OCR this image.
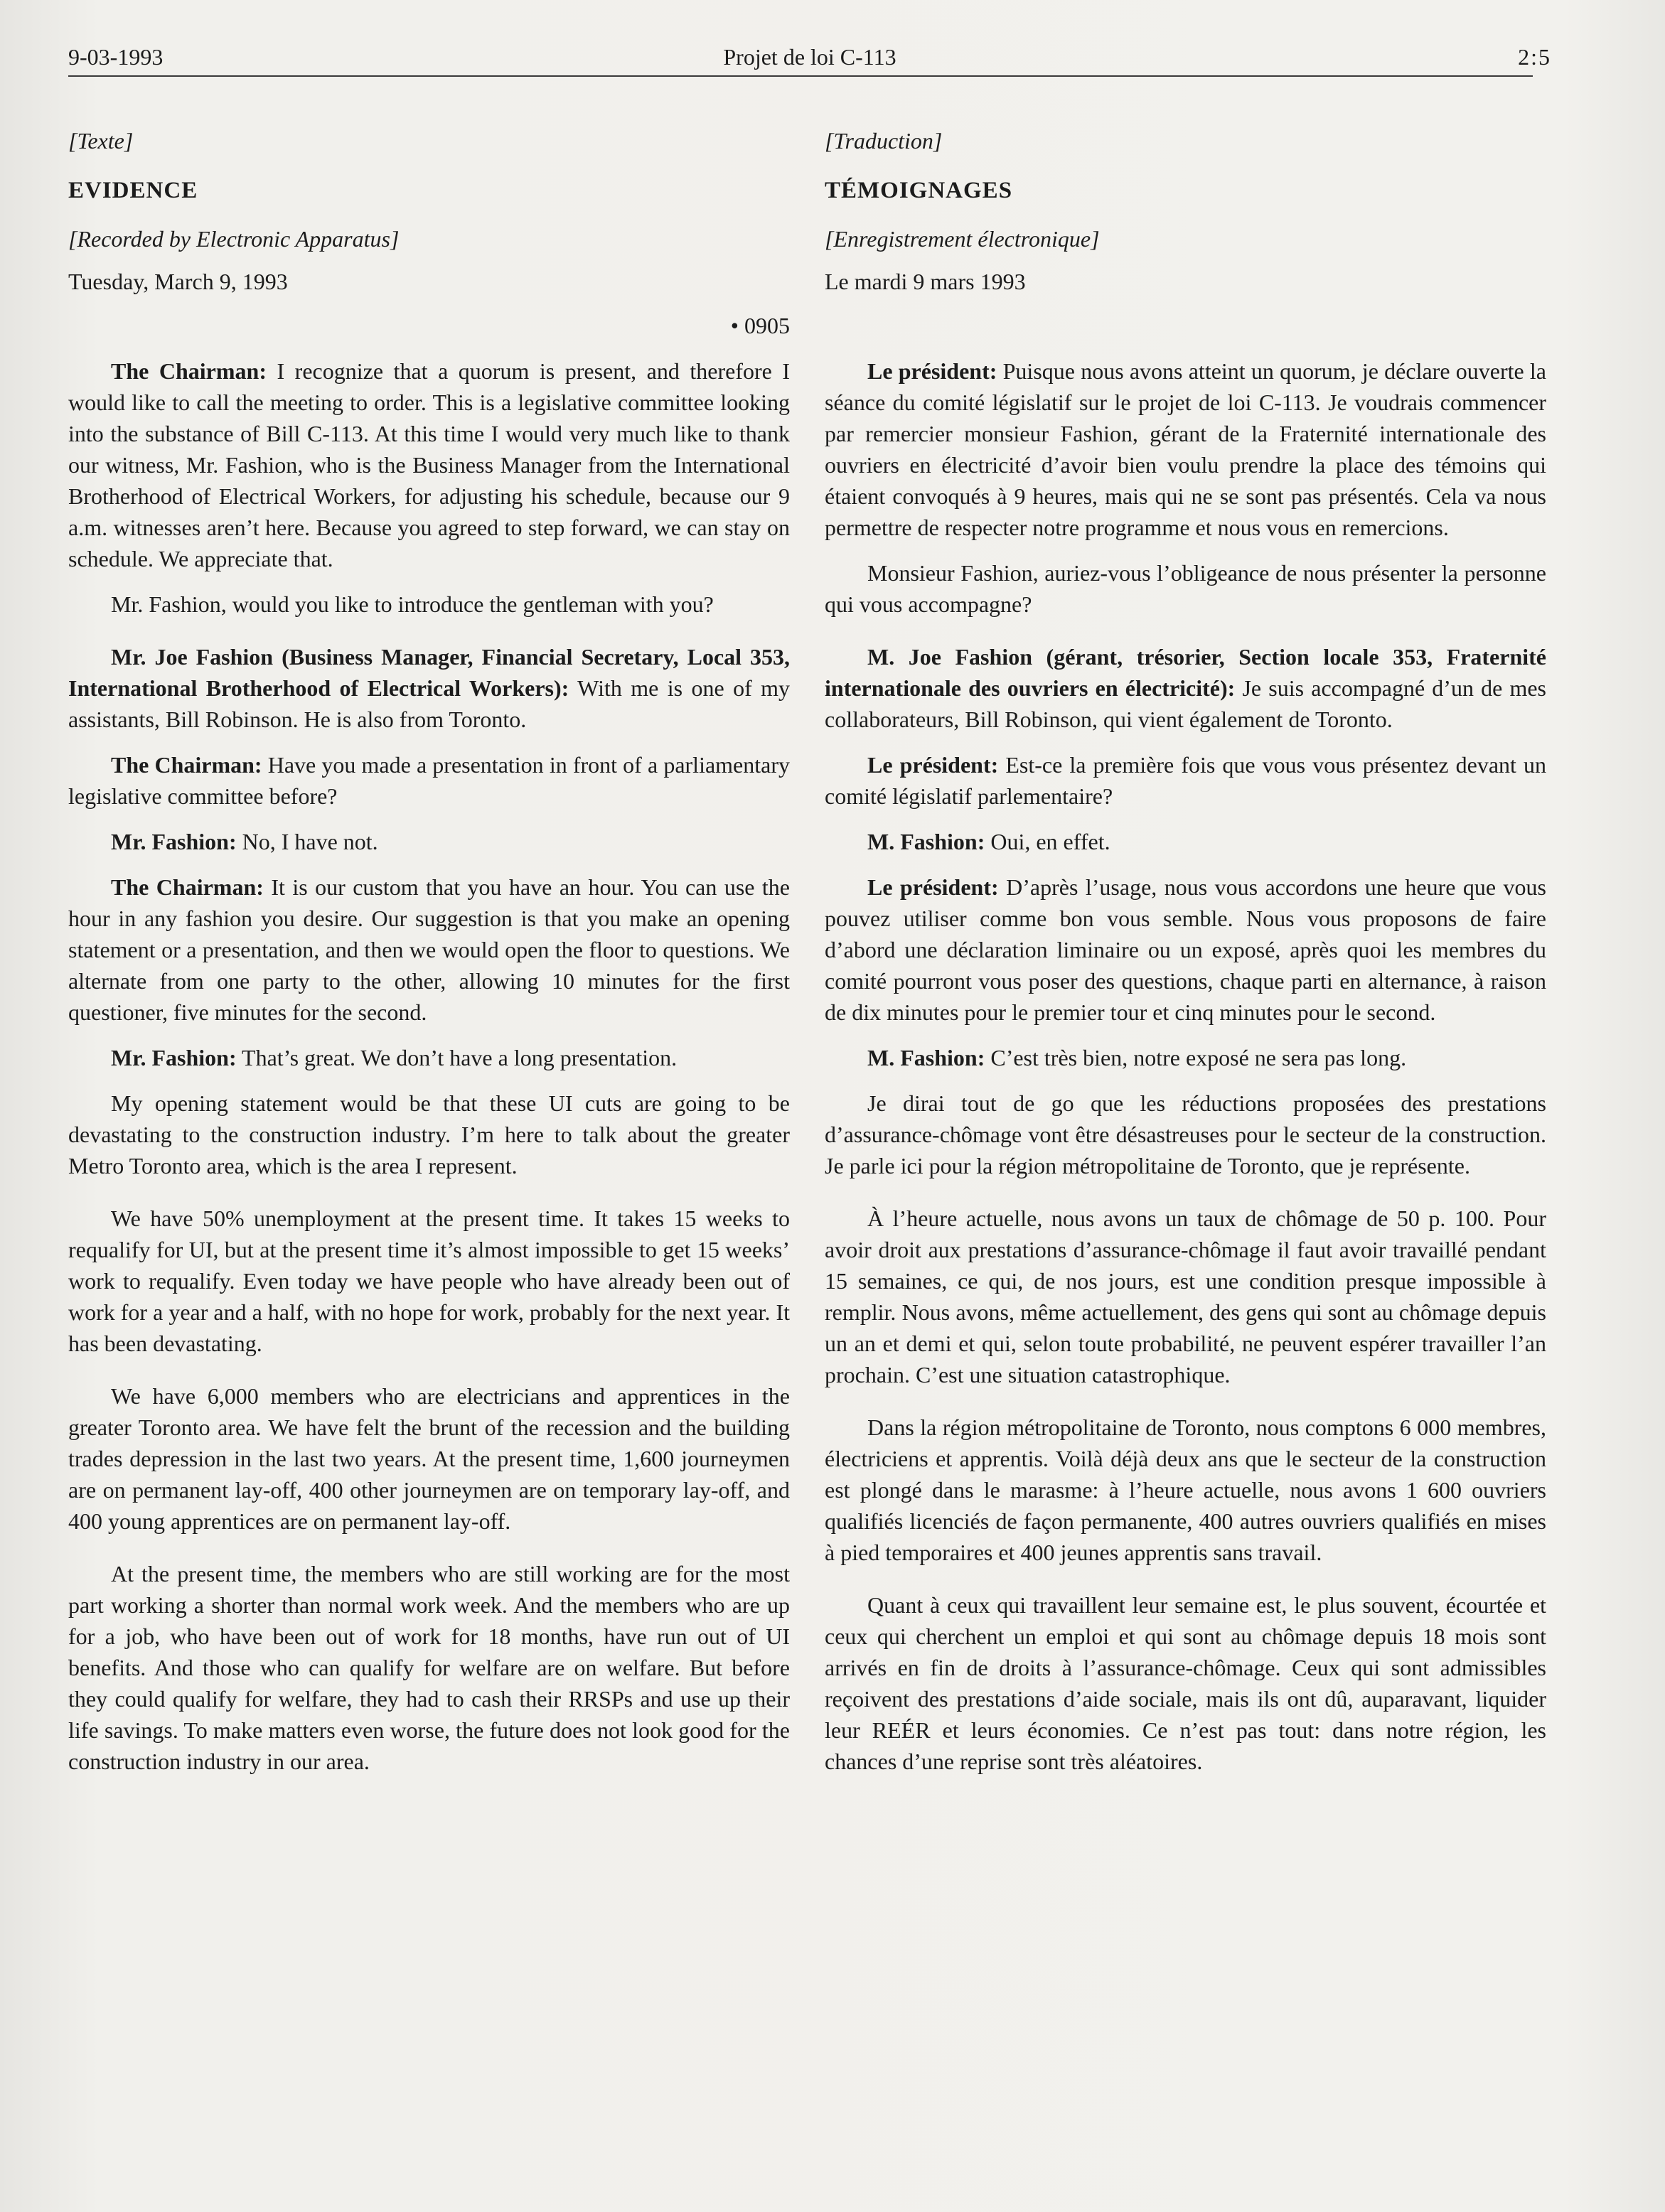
9-03-1993	Projet de loi C-113	2:5

[Texte]

EVIDENCE

[Recorded by Electronic Apparatus]

Tuesday, March 9, 1993

• 0905

The Chairman: I recognize that a quorum is present, and therefore I would like to call the meeting to order. This is a legislative committee looking into the substance of Bill C-113. At this time I would very much like to thank our witness, Mr. Fashion, who is the Business Manager from the International Brotherhood of Electrical Workers, for adjusting his schedule, because our 9 a.m. witnesses aren’t here. Because you agreed to step forward, we can stay on schedule. We appreciate that.

Mr. Fashion, would you like to introduce the gentleman with you?

Mr. Joe Fashion (Business Manager, Financial Secretary, Local 353, International Brotherhood of Electrical Workers): With me is one of my assistants, Bill Robinson. He is also from Toronto.

The Chairman: Have you made a presentation in front of a parliamentary legislative committee before?

Mr. Fashion: No, I have not.

The Chairman: It is our custom that you have an hour. You can use the hour in any fashion you desire. Our suggestion is that you make an opening statement or a presentation, and then we would open the floor to questions. We alternate from one party to the other, allowing 10 minutes for the first questioner, five minutes for the second.

Mr. Fashion: That’s great. We don’t have a long presentation.

My opening statement would be that these UI cuts are going to be devastating to the construction industry. I’m here to talk about the greater Metro Toronto area, which is the area I represent.

We have 50% unemployment at the present time. It takes 15 weeks to requalify for UI, but at the present time it’s almost impossible to get 15 weeks’ work to requalify. Even today we have people who have already been out of work for a year and a half, with no hope for work, probably for the next year. It has been devastating.

We have 6,000 members who are electricians and apprentices in the greater Toronto area. We have felt the brunt of the recession and the building trades depression in the last two years. At the present time, 1,600 journeymen are on permanent lay-off, 400 other journeymen are on temporary lay-off, and 400 young apprentices are on permanent lay-off.

At the present time, the members who are still working are for the most part working a shorter than normal work week. And the members who are up for a job, who have been out of work for 18 months, have run out of UI benefits. And those who can qualify for welfare are on welfare. But before they could qualify for welfare, they had to cash their RRSPs and use up their life savings. To make matters even worse, the future does not look good for the construction industry in our area.

[Traduction]

TÉMOIGNAGES

[Enregistrement électronique]

Le mardi 9 mars 1993

Le président: Puisque nous avons atteint un quorum, je déclare ouverte la séance du comité législatif sur le projet de loi C-113. Je voudrais commencer par remercier monsieur Fashion, gérant de la Fraternité internationale des ouvriers en électricité d’avoir bien voulu prendre la place des témoins qui étaient convoqués à 9 heures, mais qui ne se sont pas présentés. Cela va nous permettre de respecter notre programme et nous vous en remercions.

Monsieur Fashion, auriez-vous l’obligeance de nous présenter la personne qui vous accompagne?

M. Joe Fashion (gérant, trésorier, Section locale 353, Fraternité internationale des ouvriers en électricité): Je suis accompagné d’un de mes collaborateurs, Bill Robinson, qui vient également de Toronto.

Le président: Est-ce la première fois que vous vous présentez devant un comité législatif parlementaire?

M. Fashion: Oui, en effet.

Le président: D’après l’usage, nous vous accordons une heure que vous pouvez utiliser comme bon vous semble. Nous vous proposons de faire d’abord une déclaration liminaire ou un exposé, après quoi les membres du comité pourront vous poser des questions, chaque parti en alternance, à raison de dix minutes pour le premier tour et cinq minutes pour le second.

M. Fashion: C’est très bien, notre exposé ne sera pas long.

Je dirai tout de go que les réductions proposées des prestations d’assurance-chômage vont être désastreuses pour le secteur de la construction. Je parle ici pour la région métropolitaine de Toronto, que je représente.

À l’heure actuelle, nous avons un taux de chômage de 50 p. 100. Pour avoir droit aux prestations d’assurance-chômage il faut avoir travaillé pendant 15 semaines, ce qui, de nos jours, est une condition presque impossible à remplir. Nous avons, même actuellement, des gens qui sont au chômage depuis un an et demi et qui, selon toute probabilité, ne peuvent espérer travailler l’an prochain. C’est une situation catastrophique.

Dans la région métropolitaine de Toronto, nous comptons 6 000 membres, électriciens et apprentis. Voilà déjà deux ans que le secteur de la construction est plongé dans le marasme: à l’heure actuelle, nous avons 1 600 ouvriers qualifiés licenciés de façon permanente, 400 autres ouvriers qualifiés en mises à pied temporaires et 400 jeunes apprentis sans travail.

Quant à ceux qui travaillent leur semaine est, le plus souvent, écourtée et ceux qui cherchent un emploi et qui sont au chômage depuis 18 mois sont arrivés en fin de droits à l’assurance-chômage. Ceux qui sont admissibles reçoivent des prestations d’aide sociale, mais ils ont dû, auparavant, liquider leur REÉR et leurs économies. Ce n’est pas tout: dans notre région, les chances d’une reprise sont très aléatoires.
